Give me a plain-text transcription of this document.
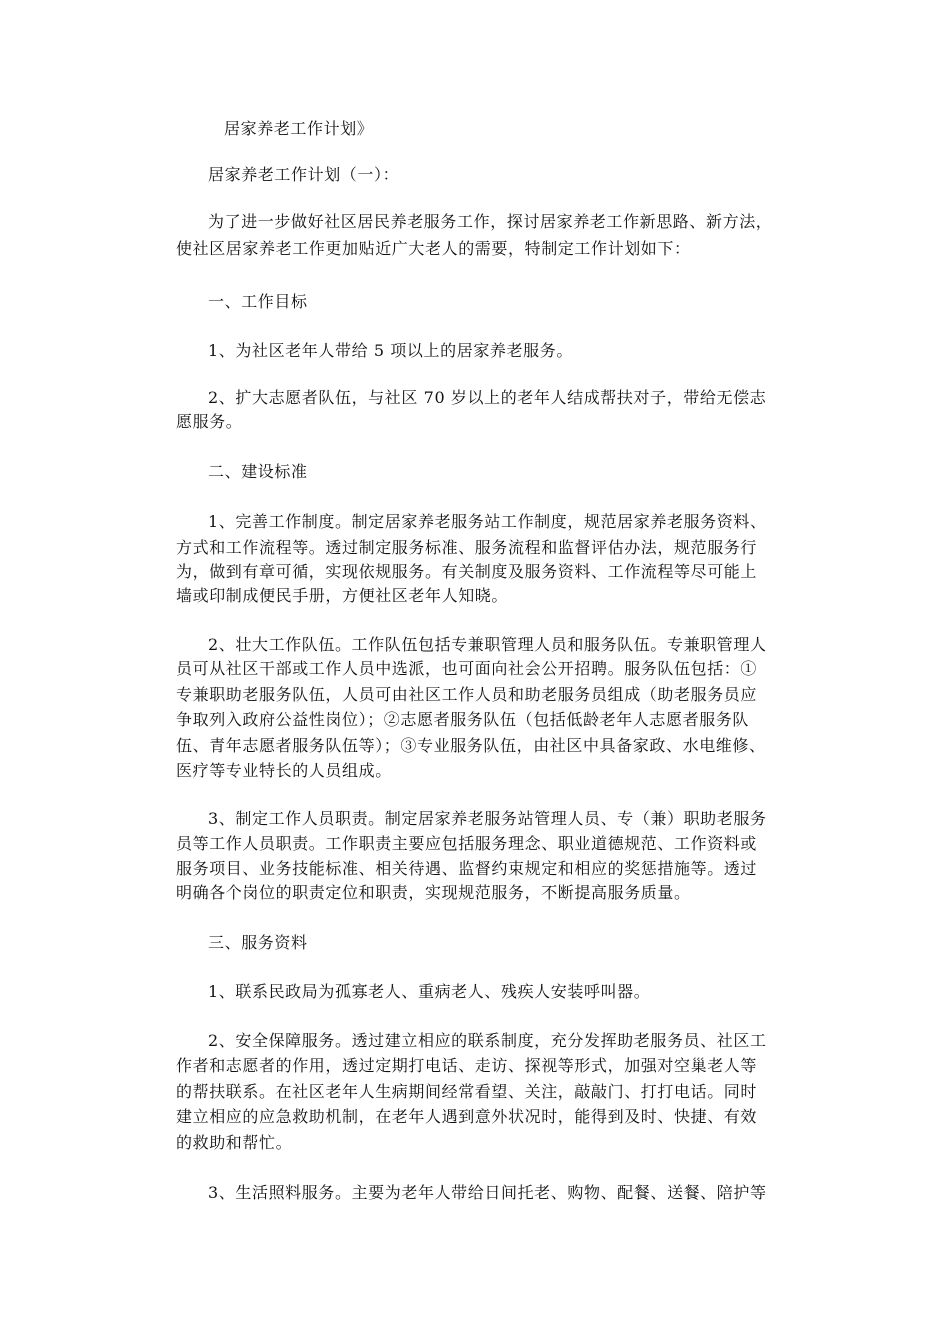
居家养老工作计划》
居家养老工作计划（一）：
为了进一步做好社区居民养老服务工作，探讨居家养老工作新思路、新方法，
使社区居家养老工作更加贴近广大老人的需要，特制定工作计划如下：
一、工作目标
1、为社区老年人带给 5 项以上的居家养老服务。
2、扩大志愿者队伍，与社区 70 岁以上的老年人结成帮扶对子，带给无偿志
愿服务。
二、建设标准
1、完善工作制度。制定居家养老服务站工作制度，规范居家养老服务资料、
方式和工作流程等。透过制定服务标准、服务流程和监督评估办法，规范服务行
为，做到有章可循，实现依规服务。有关制度及服务资料、工作流程等尽可能上
墙或印制成便民手册，方便社区老年人知晓。
2、壮大工作队伍。工作队伍包括专兼职管理人员和服务队伍。专兼职管理人
员可从社区干部或工作人员中选派，也可面向社会公开招聘。服务队伍包括：①
专兼职助老服务队伍，人员可由社区工作人员和助老服务员组成（助老服务员应
争取列入政府公益性岗位）；②志愿者服务队伍（包括低龄老年人志愿者服务队
伍、青年志愿者服务队伍等）；③专业服务队伍，由社区中具备家政、水电维修、
医疗等专业特长的人员组成。
3、制定工作人员职责。制定居家养老服务站管理人员、专（兼）职助老服务
员等工作人员职责。工作职责主要应包括服务理念、职业道德规范、工作资料或
服务项目、业务技能标准、相关待遇、监督约束规定和相应的奖惩措施等。透过
明确各个岗位的职责定位和职责，实现规范服务，不断提高服务质量。
三、服务资料
1、联系民政局为孤寡老人、重病老人、残疾人安装呼叫器。
2、安全保障服务。透过建立相应的联系制度，充分发挥助老服务员、社区工
作者和志愿者的作用，透过定期打电话、走访、探视等形式，加强对空巢老人等
的帮扶联系。在社区老年人生病期间经常看望、关注，敲敲门、打打电话。同时
建立相应的应急救助机制，在老年人遇到意外状况时，能得到及时、快捷、有效
的救助和帮忙。
3、生活照料服务。主要为老年人带给日间托老、购物、配餐、送餐、陪护等
